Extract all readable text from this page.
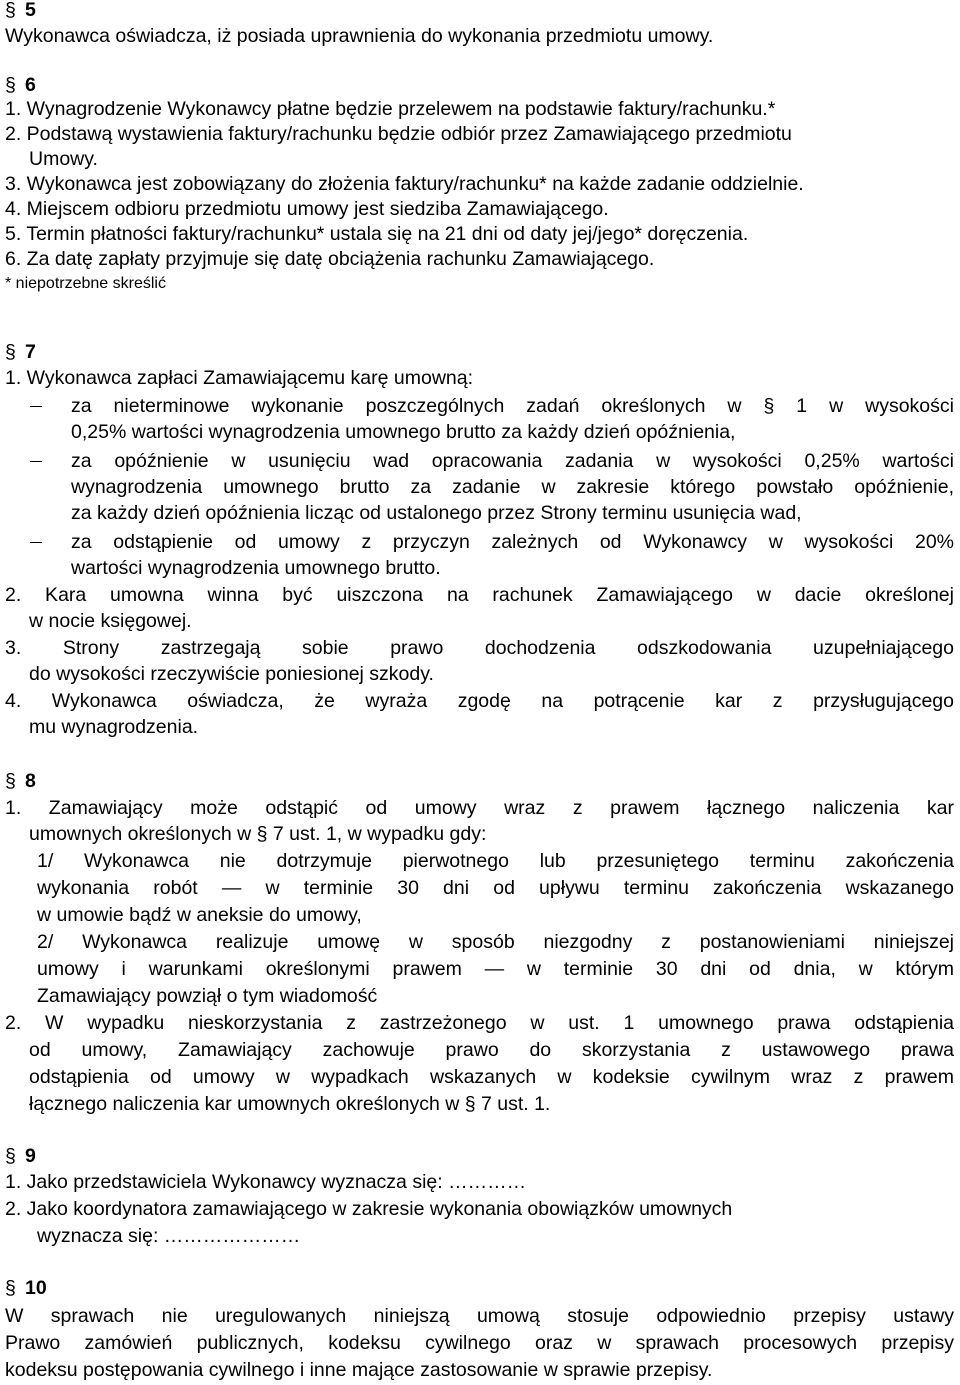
§ 5
Wykonawca oświadcza, iż posiada uprawnienia do wykonania przedmiotu umowy.
§ 6
1. Wynagrodzenie Wykonawcy płatne będzie przelewem na podstawie faktury/rachunku.*
2. Podstawą wystawienia faktury/rachunku będzie odbiór przez Zamawiającego przedmiotu
Umowy.
3. Wykonawca jest zobowiązany do złożenia faktury/rachunku* na każde zadanie oddzielnie.
4. Miejscem odbioru przedmiotu umowy jest siedziba Zamawiającego.
5. Termin płatności faktury/rachunku* ustala się na 21 dni od daty jej/jego* doręczenia.
6. Za datę zapłaty przyjmuje się datę obciążenia rachunku Zamawiającego.
* niepotrzebne skreślić
§ 7
1. Wykonawca zapłaci Zamawiającemu karę umowną:
za nieterminowe wykonanie poszczególnych zadań określonych w § 1 w wysokości
0,25% wartości wynagrodzenia umownego brutto za każdy dzień opóźnienia,
za opóźnienie w usunięciu wad opracowania zadania w wysokości 0,25% wartości
wynagrodzenia umownego brutto za zadanie w zakresie którego powstało opóźnienie,
za każdy dzień opóźnienia licząc od ustalonego przez Strony terminu usunięcia wad,
za odstąpienie od umowy z przyczyn zależnych od Wykonawcy w wysokości 20%
wartości wynagrodzenia umownego brutto.
2. Kara umowna winna być uiszczona na rachunek Zamawiającego w dacie określonej
w nocie księgowej.
3. Strony zastrzegają sobie prawo dochodzenia odszkodowania uzupełniającego
do wysokości rzeczywiście poniesionej szkody.
4. Wykonawca oświadcza, że wyraża zgodę na potrącenie kar z przysługującego
mu wynagrodzenia.
§ 8
1. Zamawiający może odstąpić od umowy wraz z prawem łącznego naliczenia kar
umownych określonych w § 7 ust. 1, w wypadku gdy:
1/ Wykonawca nie dotrzymuje pierwotnego lub przesuniętego terminu zakończenia
wykonania robót — w terminie 30 dni od upływu terminu zakończenia wskazanego
w umowie bądź w aneksie do umowy,
2/ Wykonawca realizuje umowę w sposób niezgodny z postanowieniami niniejszej
umowy i warunkami określonymi prawem — w terminie 30 dni od dnia, w którym
Zamawiający powziął o tym wiadomość
2. W wypadku nieskorzystania z zastrzeżonego w ust. 1 umownego prawa odstąpienia
od umowy, Zamawiający zachowuje prawo do skorzystania z ustawowego prawa
odstąpienia od umowy w wypadkach wskazanych w kodeksie cywilnym wraz z prawem
łącznego naliczenia kar umownych określonych w § 7 ust. 1.
§ 9
1. Jako przedstawiciela Wykonawcy wyznacza się: …………
2. Jako koordynatora zamawiającego w zakresie wykonania obowiązków umownych
wyznacza się: …………………
§ 10
W sprawach nie uregulowanych niniejszą umową stosuje odpowiednio przepisy ustawy
Prawo zamówień publicznych, kodeksu cywilnego oraz w sprawach procesowych przepisy
kodeksu postępowania cywilnego i inne mające zastosowanie w sprawie przepisy.
